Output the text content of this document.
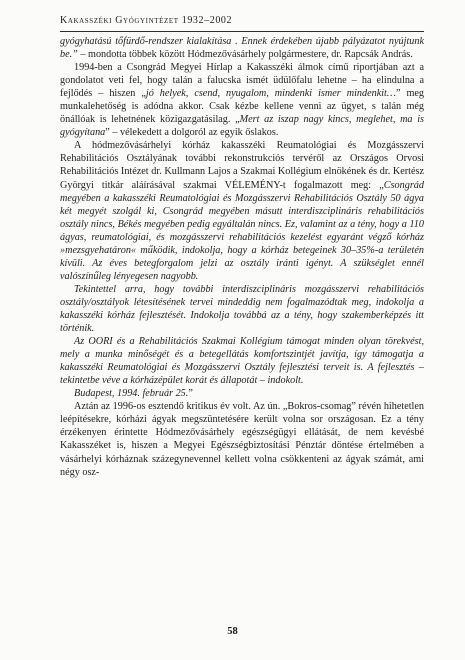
Kakasszéki Gyógyintézet 1932–2002

gyógyhatású tőfürdő-rendszer kialakítása . Ennek érdekében újabb pályázatot nyújtunk be.” – mondotta többek között Hódmezővásárhely polgármestere, dr. Rapcsák András.

1994-ben a Csongrád Megyei Hírlap a Kakasszéki álmok című riportjában azt a gondolatot veti fel, hogy talán a falucska ismét üdülőfalu lehetne – ha elindulna a fejlődés – hiszen „jó helyek, csend, nyugalom, mindenki ismer mindenkit…” meg munkalehetőség is adódna akkor. Csak kézbe kellene venni az ügyet, s talán még önállóak is lehetnének közigazgatásilag. „Mert az iszap nagy kincs, meglehet, ma is gyógyítana” – vélekedett a dolgoról az egyik őslakos.

A hódmezővásárhelyi kórház kakasszéki Reumatológiai és Mozgásszervi Rehabilitációs Osztályának további rekonstrukciós tervéről az Országos Orvosi Rehabilitációs Intézet dr. Kullmann Lajos a Szakmai Kollégium elnökének és dr. Kertész Györgyi titkár aláírásával szakmai VÉLEMÉNY-t fogalmazott meg: „Csongrád megyében a kakasszéki Reumatológiai és Mozgásszervi Rehabilitációs Osztály 50 ágya két megyét szolgál ki, Csongrád megyében másutt interdiszciplináris rehabilitációs osztály nincs, Békés megyében pedig egyáltalán nincs. Ez, valamint az a tény, hogy a 110 ágyas, reumatológiai, és mozgásszervi rehabilitációs kezelést egyaránt végző kórház »mezsgyehatáron« működik, indokolja, hogy a kórház betegeinek 30–35%-a területén kívüli. Az éves betegforgalom jelzi az osztály iránti igényt. A szükséglet ennél valószínűleg lényegesen nagyobb.

Tekintettel arra, hogy további interdiszciplináris mozgásszervi rehabilitációs osztály/osztályok létesítésének tervei mindeddig nem fogalmazódtak meg, indokolja a kakasszéki kórház fejlesztését. Indokolja továbbá az a tény, hogy szakemberképzés itt történik.

Az OORI és a Rehabilitációs Szakmai Kollégium támogat minden olyan törekvést, mely a munka minőségét és a betegellátás komfortszintjét javítja, így támogatja a kakasszéki Reumatológiai és Mozgásszervi Osztály fejlesztési terveit is. A fejlesztés – tekintetbe véve a kórházépület korát és állapotát – indokolt.

Budapest, 1994. február 25.”

Aztán az 1996-os esztendő kritikus év volt. Az ún. „Bokros-csomag” révén hihetetlen leépítésekre, kórházi ágyak megszüntetésére került volna sor országosan. Ez a tény érzékenyen érintette Hódmezővásárhely egészségügyi ellátását, de nem kevésbé Kakasszéket is, hiszen a Megyei Egészségbiztosítási Pénztár döntése értelmében a vásárhelyi kórháznak százegynevennel kellett volna csökkenteni az ágyak számát, ami négy osz-

58
